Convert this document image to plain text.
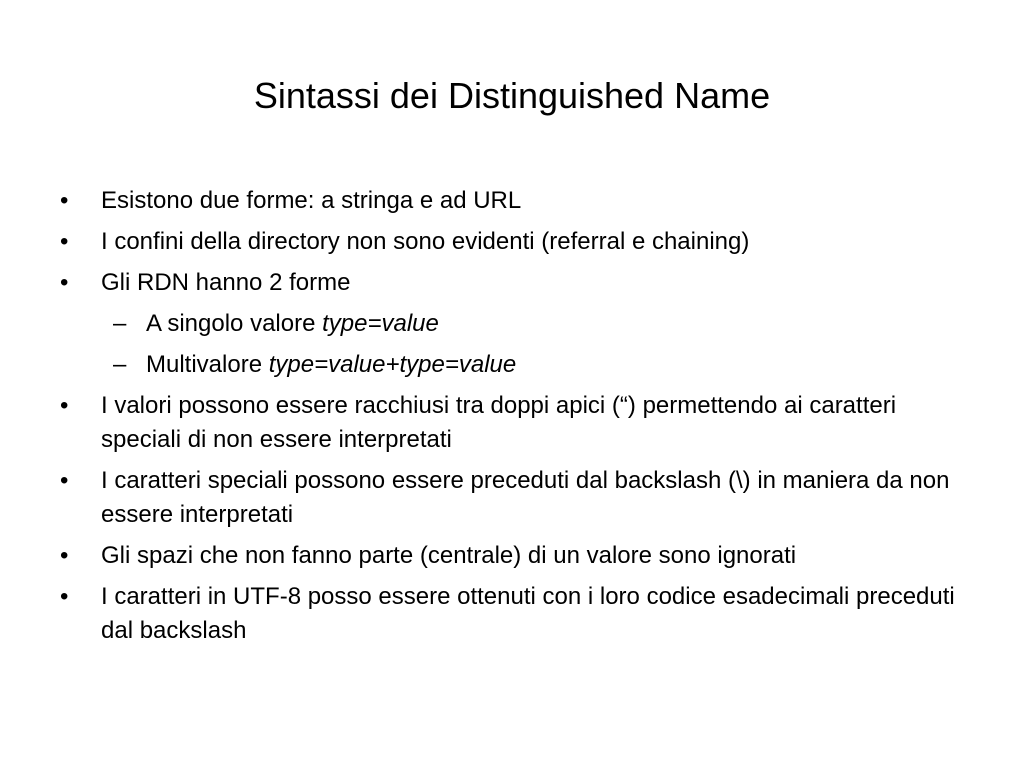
Sintassi dei Distinguished Name
• Esistono due forme: a stringa e ad URL
• I confini della directory non sono evidenti (referral e chaining)
• Gli RDN hanno 2 forme
– A singolo valore type=value
– Multivalore type=value+type=value
• I valori possono essere racchiusi tra doppi apici (“) permettendo ai caratteri speciali di non essere interpretati
• I caratteri speciali possono essere preceduti dal backslash (\) in maniera da non essere interpretati
• Gli spazi che non fanno parte (centrale) di un valore sono ignorati
• I caratteri in UTF-8 posso essere ottenuti con i loro codice esadecimali preceduti dal backslash
